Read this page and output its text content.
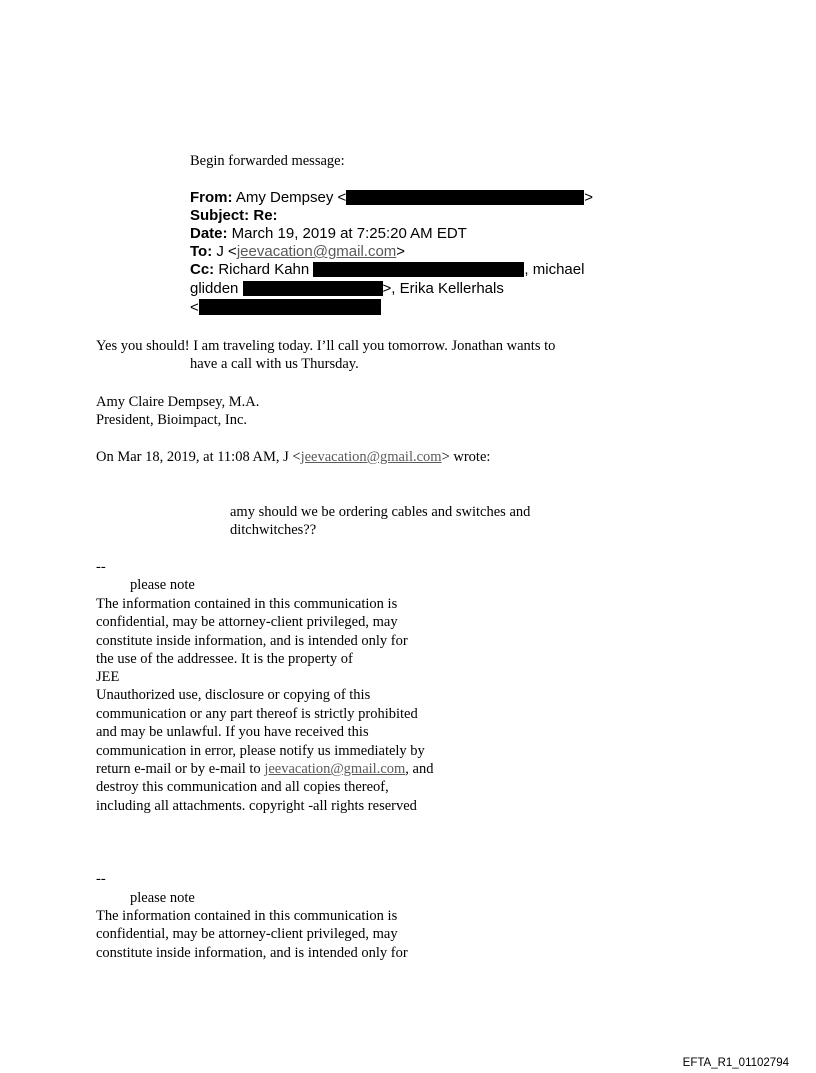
Begin forwarded message:
From: Amy Dempsey <	>
Subject: Re:
Date: March 19, 2019 at 7:25:20 AM EDT
To: J <jeevacation@gmail.com>
Cc: Richard Kahn	, michael
glidden	>, Erika Kellerhals
<
Yes you should! I am traveling today. I’ll call you tomorrow. Jonathan wants to
have a call with us Thursday.
Amy Claire Dempsey, M.A.
President, Bioimpact, Inc.
On Mar 18, 2019, at 11:08 AM, J <jeevacation@gmail.com> wrote:
amy should we be ordering cables and switches and
ditchwitches??
--
please note
The information contained in this communication is
confidential, may be attorney-client privileged, may
constitute inside information, and is intended only for
the use of the addressee. It is the property of
JEE
Unauthorized use, disclosure or copying of this
communication or any part thereof is strictly prohibited
and may be unlawful. If you have received this
communication in error, please notify us immediately by
return e-mail or by e-mail to jeevacation@gmail.com, and
destroy this communication and all copies thereof,
including all attachments. copyright -all rights reserved
--
please note
The information contained in this communication is
confidential, may be attorney-client privileged, may
constitute inside information, and is intended only for
EFTA_R1_01102794
